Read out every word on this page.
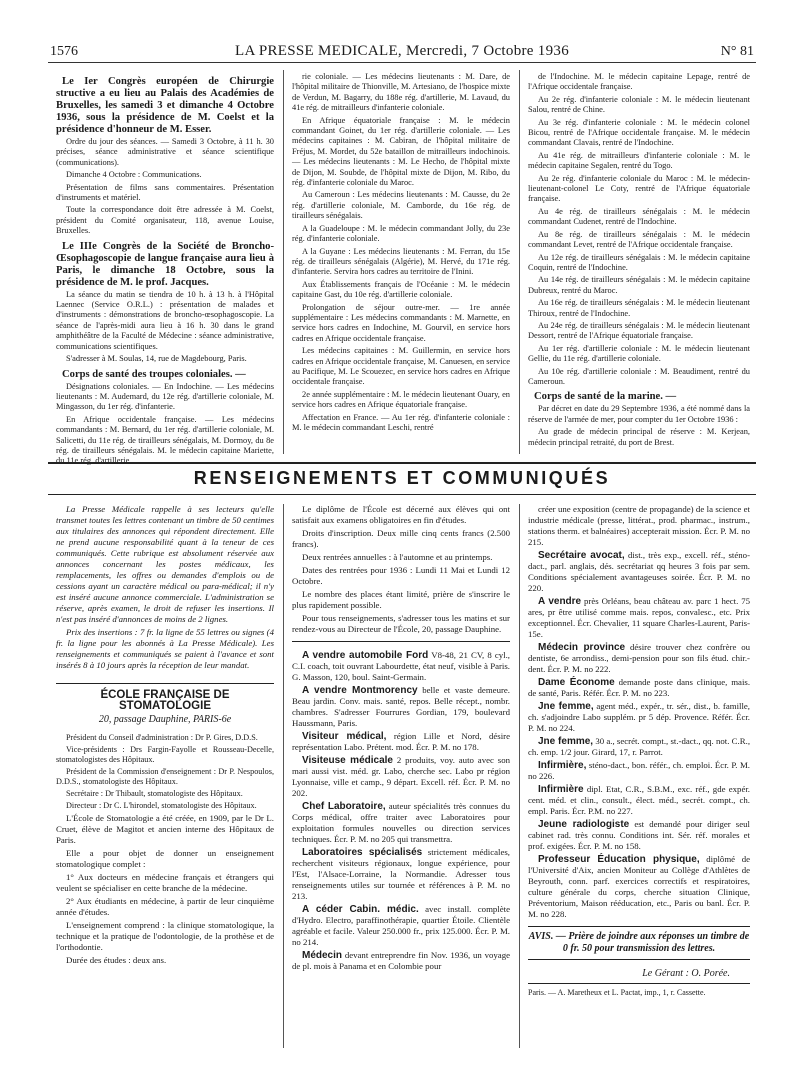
1576	LA PRESSE MEDICALE, Mercredi, 7 Octobre 1936	N° 81
Le Ier Congrès européen de Chirurgie structive a eu lieu au Palais des Académies de Bruxelles, les samedi 3 et dimanche 4 Octobre 1936, sous la présidence de M. Coelst et la présidence d'honneur de M. Esser.

Ordre du jour des séances. — Samedi 3 Octobre, à 11 h. 30 précises, séance administrative et séance scientifique (communications).

Dimanche 4 Octobre : Communications.

Présentation de films sans commentaires. Présentation d'instruments et matériel.

Toute la correspondance doit être adressée à M. Coelst, président du Comité organisateur, 118, avenue Louise, Bruxelles.

Le IIIe Congrès de la Société de Broncho-Œsophagoscopie de langue française aura lieu à Paris, le dimanche 18 Octobre, sous la présidence de M. le prof. Jacques.

La séance du matin se tiendra de 10 h. à 13 h. à l'Hôpital Laennec (Service O.R.L.) : présentation de malades et d'instruments : démonstrations de broncho-œsophagoscopie. La séance de l'après-midi aura lieu à 16 h. 30 dans le grand amphithéâtre de la Faculté de Médecine : séance administrative, communications scientifiques.

S'adresser à M. Soulas, 14, rue de Magdebourg, Paris.

Corps de santé des troupes coloniales. —

Désignations coloniales. — En Indochine. — Les médecins lieutenants : M. Audemard, du 12e rég. d'artillerie coloniale, M. Mingasson, du 1er rég. d'infanterie.

En Afrique occidentale française. — Les médecins commandants : M. Bernard, du 1er rég. d'artillerie coloniale, M. Salicetti, du 11e rég. de tirailleurs sénégalais, M. Dormoy, du 8e rég. de tirailleurs sénégalais. M. le médecin capitaine Mariette, du 11e rég. d'artillerie

rie coloniale. — Les médecins lieutenants : M. Dare, de l'hôpital militaire de Thionville, M. Artesiano, de l'hospice mixte de Verdun, M. Bagarry, du 188e rég. d'artillerie, M. Lavaud, du 41e rég. de mitrailleurs d'infanterie coloniale.

En Afrique équatoriale française : M. le médecin commandant Goinet, du 1er rég. d'artillerie coloniale. — Les médecins capitaines : M. Cabiran, de l'hôpital militaire de Fréjus, M. Mordet, du 52e bataillon de mitrailleurs indochinois. — Les médecins lieutenants : M. Le Hecho, de l'hôpital mixte de Dijon, M. Soubde, de l'hôpital mixte de Dijon, M. Ribo, du rég. d'infanterie coloniale du Maroc.

Au Cameroun : Les médecins lieutenants : M. Causse, du 2e rég. d'artillerie coloniale, M. Camborde, du 16e rég. de tirailleurs sénégalais.

A la Guadeloupe : M. le médecin commandant Jolly, du 23e rég. d'infanterie coloniale.

A la Guyane : Les médecins lieutenants : M. Ferran, du 15e rég. de tirailleurs sénégalais (Algérie), M. Hervé, du 171e rég. d'infanterie. Servira hors cadres au territoire de l'Inini.

Aux Établissements français de l'Océanie : M. le médecin capitaine Gast, du 10e rég. d'artillerie coloniale.

Prolongation de séjour outre-mer. — 1re année supplémentaire : Les médecins commandants : M. Marnette, en service hors cadres en Indochine, M. Gourvil, en service hors cadres en Afrique occidentale française.

Les médecins capitaines : M. Guillermin, en service hors cadres en Afrique occidentale française, M. Canuesen, en service au Pacifique, M. Le Scouezec, en service hors cadres en Afrique occidentale française.

2e année supplémentaire : M. le médecin lieutenant Ouary, en service hors cadres en Afrique équatoriale française.

Affectation en France. — Au 1er rég. d'infanterie coloniale : M. le médecin commandant Leschi, rentré

de l'Indochine. M. le médecin capitaine Lepage, rentré de l'Afrique occidentale française.

Au 2e rég. d'infanterie coloniale : M. le médecin lieutenant Salou, rentré de Chine.

Au 3e rég. d'infanterie coloniale : M. le médecin colonel Bicou, rentré de l'Afrique occidentale française. M. le médecin commandant Clavais, rentré de l'Indochine.

Au 41e rég. de mitrailleurs d'infanterie coloniale : M. le médecin capitaine Segalen, rentré du Togo.

Au 2e rég. d'infanterie coloniale du Maroc : M. le médecin-lieutenant-colonel Le Coty, rentré de l'Afrique équatoriale française.

Au 4e rég. de tirailleurs sénégalais : M. le médecin commandant Cudenet, rentré de l'Indochine.

Au 8e rég. de tirailleurs sénégalais : M. le médecin commandant Levet, rentré de l'Afrique occidentale française.

Au 12e rég. de tirailleurs sénégalais : M. le médecin capitaine Coquin, rentré de l'Indochine.

Au 14e rég. de tirailleurs sénégalais : M. le médecin capitaine Dubreux, rentré du Maroc.

Au 16e rég. de tirailleurs sénégalais : M. le médecin lieutenant Thiroux, rentré de l'Indochine.

Au 24e rég. de tirailleurs sénégalais : M. le médecin lieutenant Dessort, rentré de l'Afrique équatoriale française.

Au 1er rég. d'artillerie coloniale : M. le médecin lieutenant Gellie, du 11e rég. d'artillerie coloniale.

Au 10e rég. d'artillerie coloniale : M. Beaudiment, rentré du Cameroun.

Corps de santé de la marine. —

Par décret en date du 29 Septembre 1936, a été nommé dans la réserve de l'armée de mer, pour compter du 1er Octobre 1936 :

Au grade de médecin principal de réserve : M. Kerjean, médecin principal retraité, du port de Brest.

RENSEIGNEMENTS ET COMMUNIQUÉS

La Presse Médicale rappelle à ses lecteurs qu'elle transmet toutes les lettres contenant un timbre de 50 centimes aux titulaires des annonces qui répondent directement. Elle ne prend aucune responsabilité quant à la teneur de ces communiqués. Cette rubrique est absolument réservée aux annonces concernant les postes médicaux, les remplacements, les offres ou demandes d'emplois ou de cessions ayant un caractère médical ou para-médical; il n'y est inséré aucune annonce commerciale. L'administration se réserve, après examen, le droit de refuser les insertions. Il n'est pas inséré d'annonces de moins de 2 lignes.

Prix des insertions : 7 fr. la ligne de 55 lettres ou signes (4 fr. la ligne pour les abonnés à La Presse Médicale). Les renseignements et communiqués se paient à l'avance et sont insérés 8 à 10 jours après la réception de leur mandat.

ÉCOLE FRANÇAISE DE STOMATOLOGIE
20, passage Dauphine, PARIS-6e

Président du Conseil d'administration : Dr P. Gires, D.D.S.

Vice-présidents : Drs Fargin-Fayolle et Rousseau-Decelle, stomatologistes des Hôpitaux.

Président de la Commission d'enseignement : Dr P. Nespoulos, D.D.S., stomatologiste des Hôpitaux.

Secrétaire : Dr Thibault, stomatologiste des Hôpitaux.

Directeur : Dr C. L'hirondel, stomatologiste des Hôpitaux.

L'École de Stomatologie a été créée, en 1909, par le Dr L. Cruet, élève de Magitot et ancien interne des Hôpitaux de Paris.

Elle a pour objet de donner un enseignement stomatologique complet :

1° Aux docteurs en médecine français et étrangers qui veulent se spécialiser en cette branche de la médecine.

2° Aux étudiants en médecine, à partir de leur cinquième année d'études.

L'enseignement comprend : la clinique stomatologique, la technique et la pratique de l'odontologie, de la prothèse et de l'orthodontie.

Durée des études : deux ans.

Le diplôme de l'École est décerné aux élèves qui ont satisfait aux examens obligatoires en fin d'études.

Droits d'inscription. Deux mille cinq cents francs (2.500 francs).

Deux rentrées annuelles : à l'automne et au printemps.

Dates des rentrées pour 1936 : Lundi 11 Mai et Lundi 12 Octobre.

Le nombre des places étant limité, prière de s'inscrire le plus rapidement possible.

Pour tous renseignements, s'adresser tous les matins et sur rendez-vous au Directeur de l'École, 20, passage Dauphine.

A vendre automobile Ford V8-48, 21 CV, 8 cyl., C.I. coach, toit ouvrant Labourdette, état neuf, visible à Paris. G. Masson, 120, boul. Saint-Germain.

A vendre Montmorency belle et vaste demeure. Beau jardin. Conv. mais. santé, repos. Belle récept., nombr. chambres. S'adresser Fourrures Gordian, 179, boulevard Haussmann, Paris.

Visiteur médical, région Lille et Nord, désire représentation Labo. Prétent. mod. Écr. P. M. no 178.

Visiteuse médicale 2 produits, voy. auto avec son mari aussi vist. méd. gr. Labo, cherche sec. Labo pr région Lyonnaise, ville et camp., 9 départ. Excell. réf. Écr. P. M. no 202.

Chef Laboratoire, auteur spécialités très connues du Corps médical, offre traiter avec Laboratoires pour exploitation formules nouvelles ou direction services techniques. Écr. P. M. no 205 qui transmettra.

Laboratoires spécialisés strictement médicales, recherchent visiteurs régionaux, longue expérience, pour l'Est, l'Alsace-Lorraine, la Normandie. Adresser tous renseignements utiles sur tournée et références à P. M. no 213.

A céder Cabin. médic. avec install. complète d'Hydro. Electro, paraffinothérapie, quartier Étoile. Clientèle agréable et facile. Valeur 250.000 fr., prix 125.000. Écr. P. M. no 214.

Médecin devant entreprendre fin Nov. 1936, un voyage de pl. mois à Panama et en Colombie pour

créer une exposition (centre de propagande) de la science et industrie médicale (presse, littérat., prod. pharmac., instrum., stations therm. et balnéaires) accepterait mission. Écr. P. M. no 215.

Secrétaire avocat, dist., très exp., excell. réf., sténo-dact., parl. anglais, dés. secrétariat qq heures 3 fois par sem. Conditions spécialement avantageuses soirée. Écr. P. M. no 220.

A vendre près Orléans, beau château av. parc 1 hect. 75 ares, pr être utilisé comme mais. repos, convalesc., etc. Prix exceptionnel. Écr. Chevalier, 11 square Charles-Laurent, Paris-15e.

Médecin province désire trouver chez confrère ou dentiste, 6e arrondiss., demi-pension pour son fils étud. chir.-dent. Écr. P. M. no 222.

Dame Économe demande poste dans clinique, mais. de santé, Paris. Référ. Écr. P. M. no 223.

Jne femme, agent méd., expér., tr. sér., dist., b. famille, ch. s'adjoindre Labo supplém. pr 5 dép. Provence. Référ. Écr. P. M. no 224.

Jne femme, 30 a., secrét. compt., st.-dact., qq. not. C.R., ch. emp. 1/2 jour. Girard, 17, r. Parrot.

Infirmière, sténo-dact., bon. référ., ch. emploi. Écr. P. M. no 226.

Infirmière dipl. Etat, C.R., S.B.M., exc. réf., gde expér. cent. méd. et clin., consult., élect. méd., secrét. compt., ch. empl. Paris. Écr. P.M. no 227.

Jeune radiologiste est demandé pour diriger seul cabinet rad. très connu. Conditions int. Sér. réf. morales et prof. exigées. Écr. P. M. no 158.

Professeur Éducation physique, diplômé de l'Université d'Aix, ancien Moniteur au Collège d'Athlètes de Beyrouth, conn. parf. exercices correctifs et respiratoires, culture générale du corps, cherche situation Clinique, Préventorium, Maison rééducation, etc., Paris ou banl. Écr. P. M. no 228.

AVIS. — Prière de joindre aux réponses un timbre de 0 fr. 50 pour transmission des lettres.
Le Gérant : O. Porée.
Paris. — A. Maretheux et L. Pactat, imp., 1, r. Cassette.
